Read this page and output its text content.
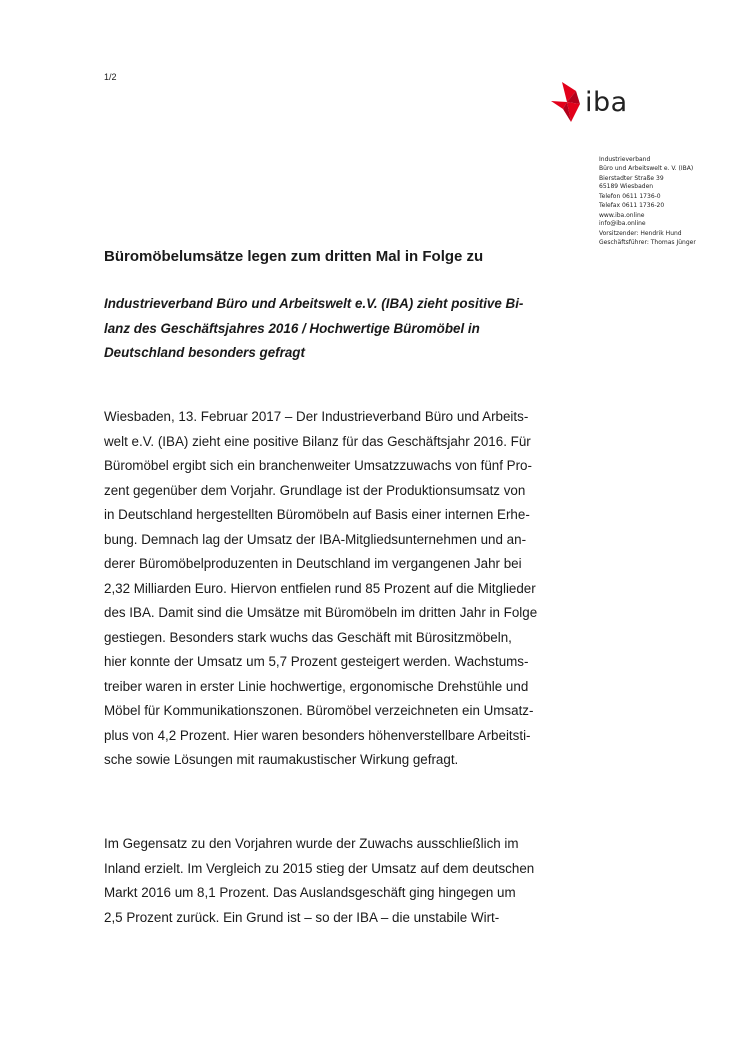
1/2
iba
Industrieverband
Büro und Arbeitswelt e. V. (IBA)
Bierstadter Straße 39
65189 Wiesbaden
Telefon 0611 1736-0
Telefax 0611 1736-20
www.iba.online
info@iba.online
Vorsitzender: Hendrik Hund
Geschäftsführer: Thomas Jünger
Büromöbelumsätze legen zum dritten Mal in Folge zu

Industrieverband Büro und Arbeitswelt e.V. (IBA) zieht positive Bi-
lanz des Geschäftsjahres 2016 / Hochwertige Büromöbel in
Deutschland besonders gefragt

Wiesbaden, 13. Februar 2017 – Der Industrieverband Büro und Arbeits-
welt e.V. (IBA) zieht eine positive Bilanz für das Geschäftsjahr 2016. Für
Büromöbel ergibt sich ein branchenweiter Umsatzzuwachs von fünf Pro-
zent gegenüber dem Vorjahr. Grundlage ist der Produktionsumsatz von
in Deutschland hergestellten Büromöbeln auf Basis einer internen Erhe-
bung. Demnach lag der Umsatz der IBA-Mitgliedsunternehmen und an-
derer Büromöbelproduzenten in Deutschland im vergangenen Jahr bei
2,32 Milliarden Euro. Hiervon entfielen rund 85 Prozent auf die Mitglieder
des IBA. Damit sind die Umsätze mit Büromöbeln im dritten Jahr in Folge
gestiegen. Besonders stark wuchs das Geschäft mit Bürositzmöbeln,
hier konnte der Umsatz um 5,7 Prozent gesteigert werden. Wachstums-
treiber waren in erster Linie hochwertige, ergonomische Drehstühle und
Möbel für Kommunikationszonen. Büromöbel verzeichneten ein Umsatz-
plus von 4,2 Prozent. Hier waren besonders höhenverstellbare Arbeitsti-
sche sowie Lösungen mit raumakustischer Wirkung gefragt.

Im Gegensatz zu den Vorjahren wurde der Zuwachs ausschließlich im
Inland erzielt. Im Vergleich zu 2015 stieg der Umsatz auf dem deutschen
Markt 2016 um 8,1 Prozent. Das Auslandsgeschäft ging hingegen um
2,5 Prozent zurück. Ein Grund ist – so der IBA – die unstabile Wirt-
